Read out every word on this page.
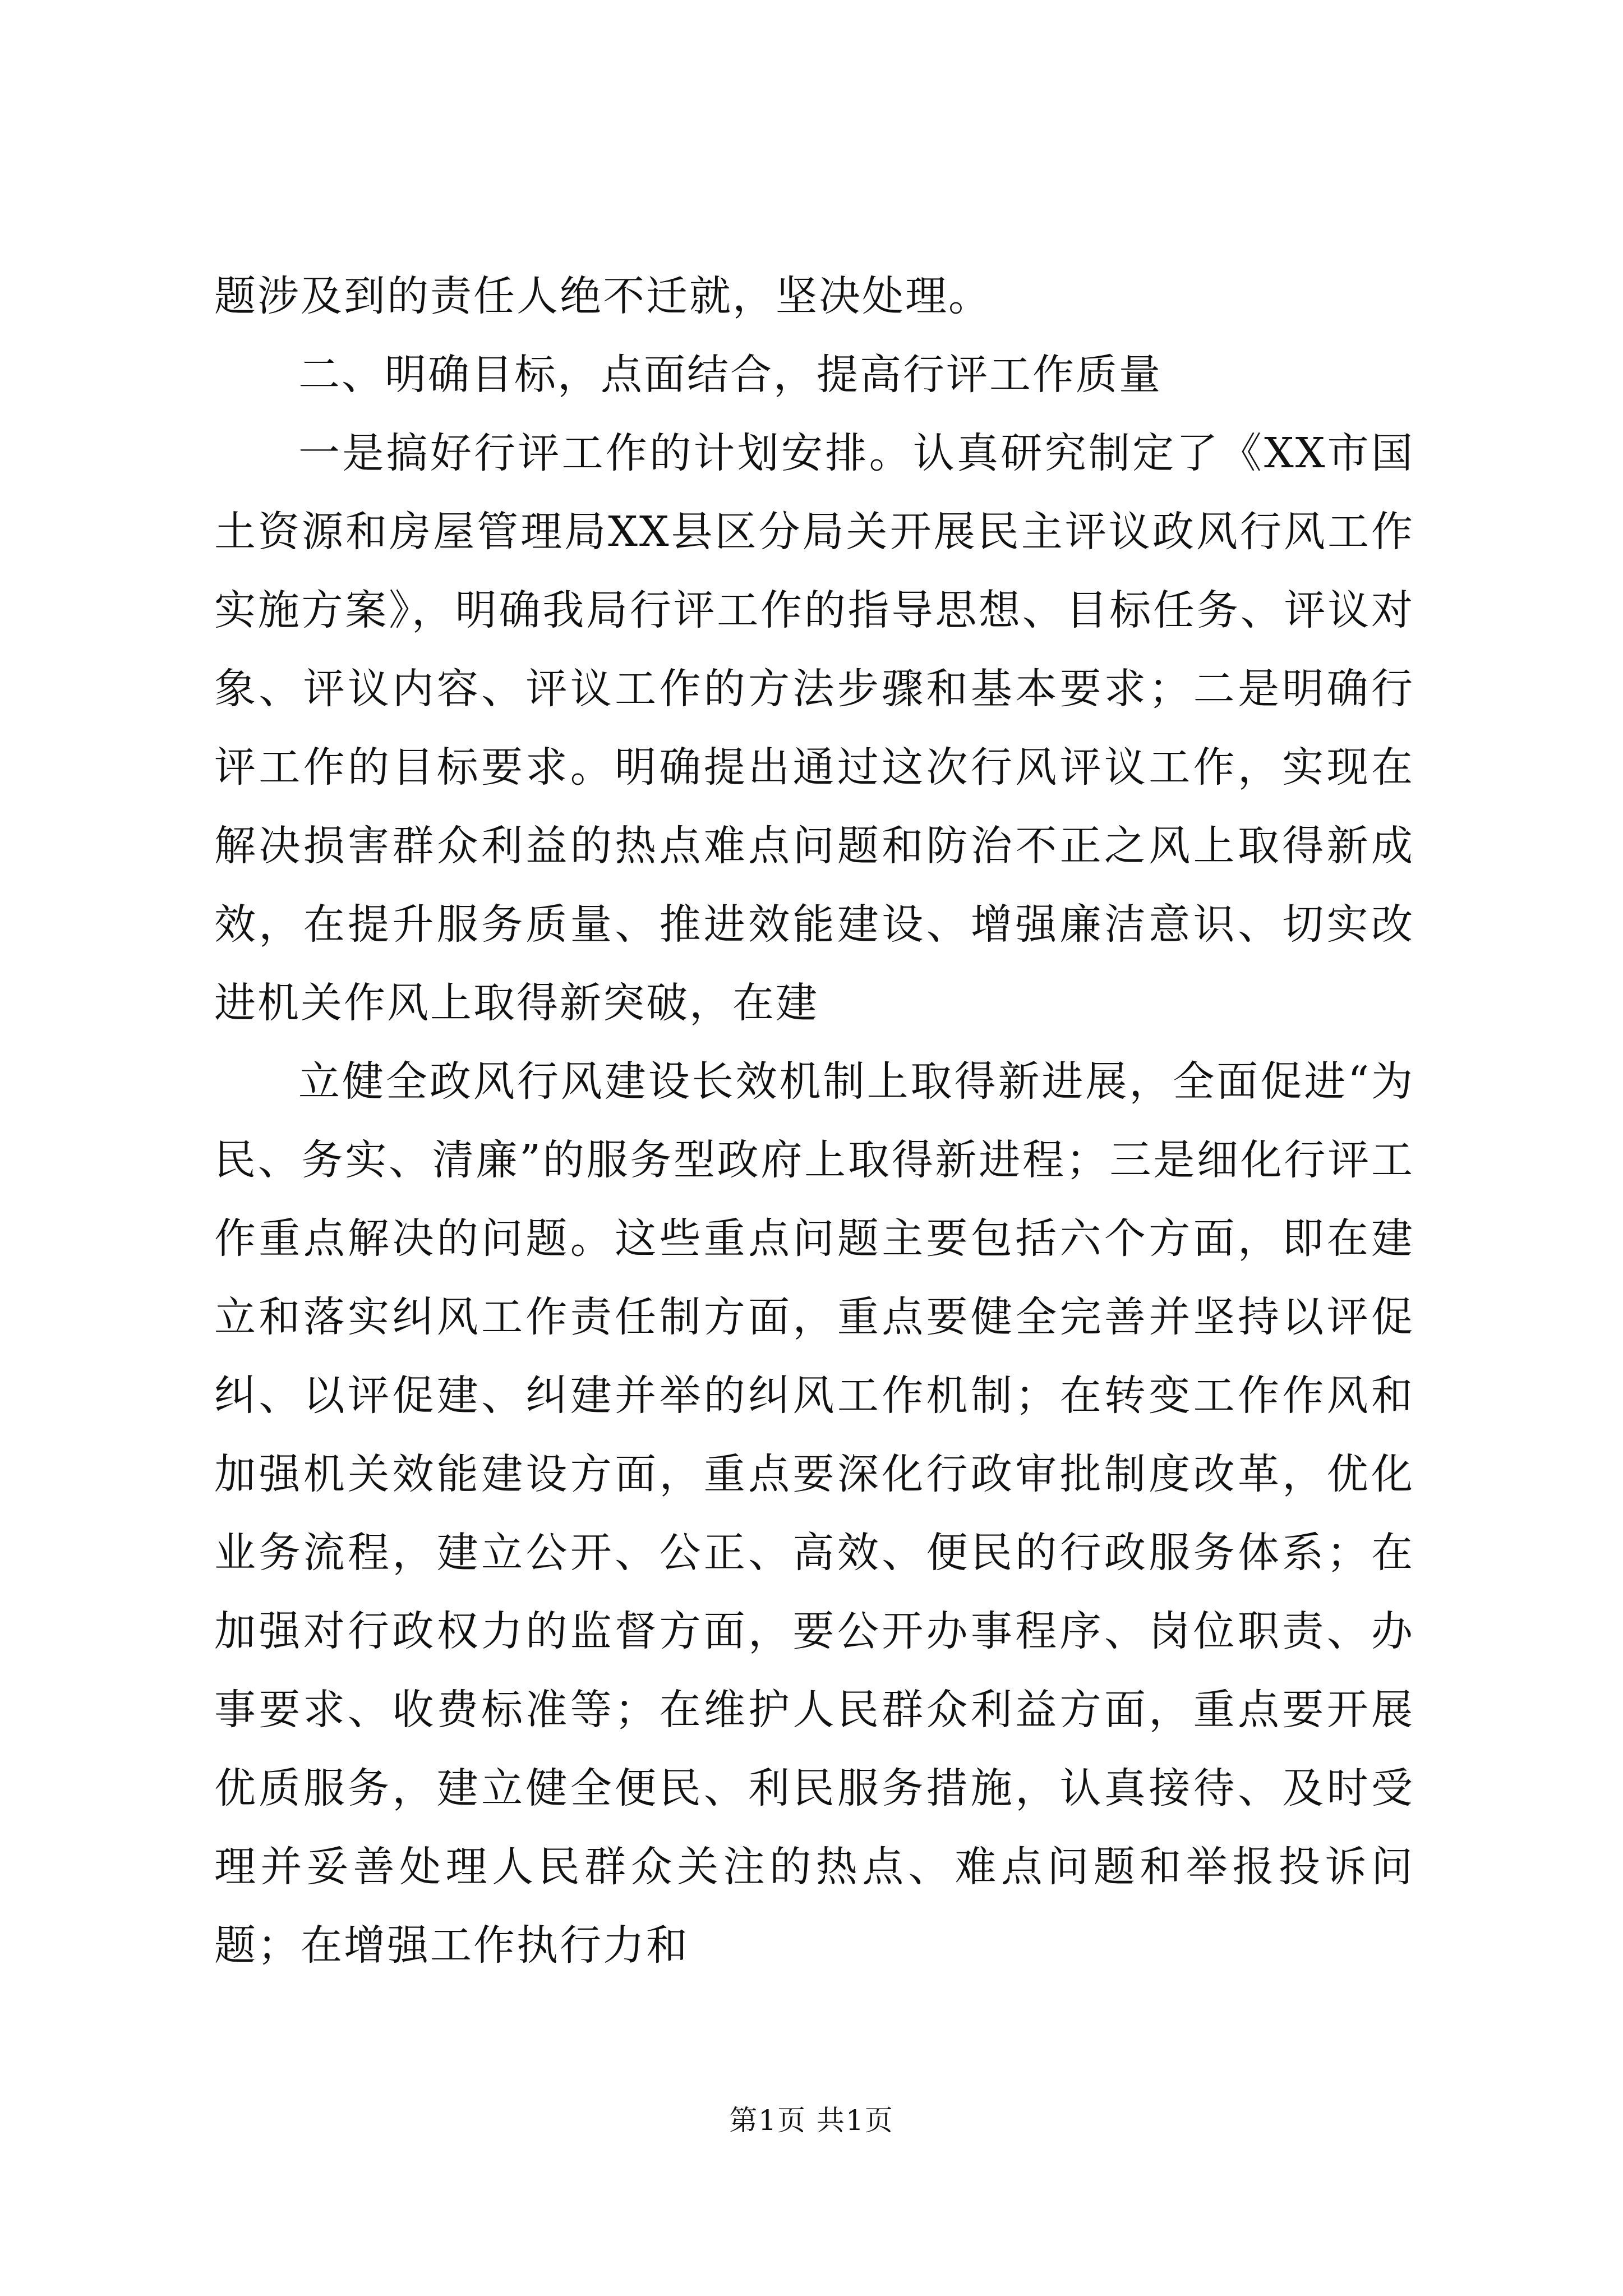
题涉及到的责任人绝不迁就，坚决处理。

二、明确目标，点面结合，提高行评工作质量

一是搞好行评工作的计划安排。认真研究制定了《XX市国土资源和房屋管理局XX县区分局关开展民主评议政风行风工作实施方案》，明确我局行评工作的指导思想、目标任务、评议对象、评议内容、评议工作的方法步骤和基本要求；二是明确行评工作的目标要求。明确提出通过这次行风评议工作，实现在解决损害群众利益的热点难点问题和防治不正之风上取得新成效，在提升服务质量、推进效能建设、增强廉洁意识、切实改进机关作风上取得新突破，在建

立健全政风行风建设长效机制上取得新进展，全面促进“为民、务实、清廉”的服务型政府上取得新进程；三是细化行评工作重点解决的问题。这些重点问题主要包括六个方面，即在建立和落实纠风工作责任制方面，重点要健全完善并坚持以评促纠、以评促建、纠建并举的纠风工作机制；在转变工作作风和加强机关效能建设方面，重点要深化行政审批制度改革，优化业务流程，建立公开、公正、高效、便民的行政服务体系；在加强对行政权力的监督方面，要公开办事程序、岗位职责、办事要求、收费标准等；在维护人民群众利益方面，重点要开展优质服务，建立健全便民、利民服务措施，认真接待、及时受理并妥善处理人民群众关注的热点、难点问题和举报投诉问题；在增强工作执行力和

第1页 共1页
